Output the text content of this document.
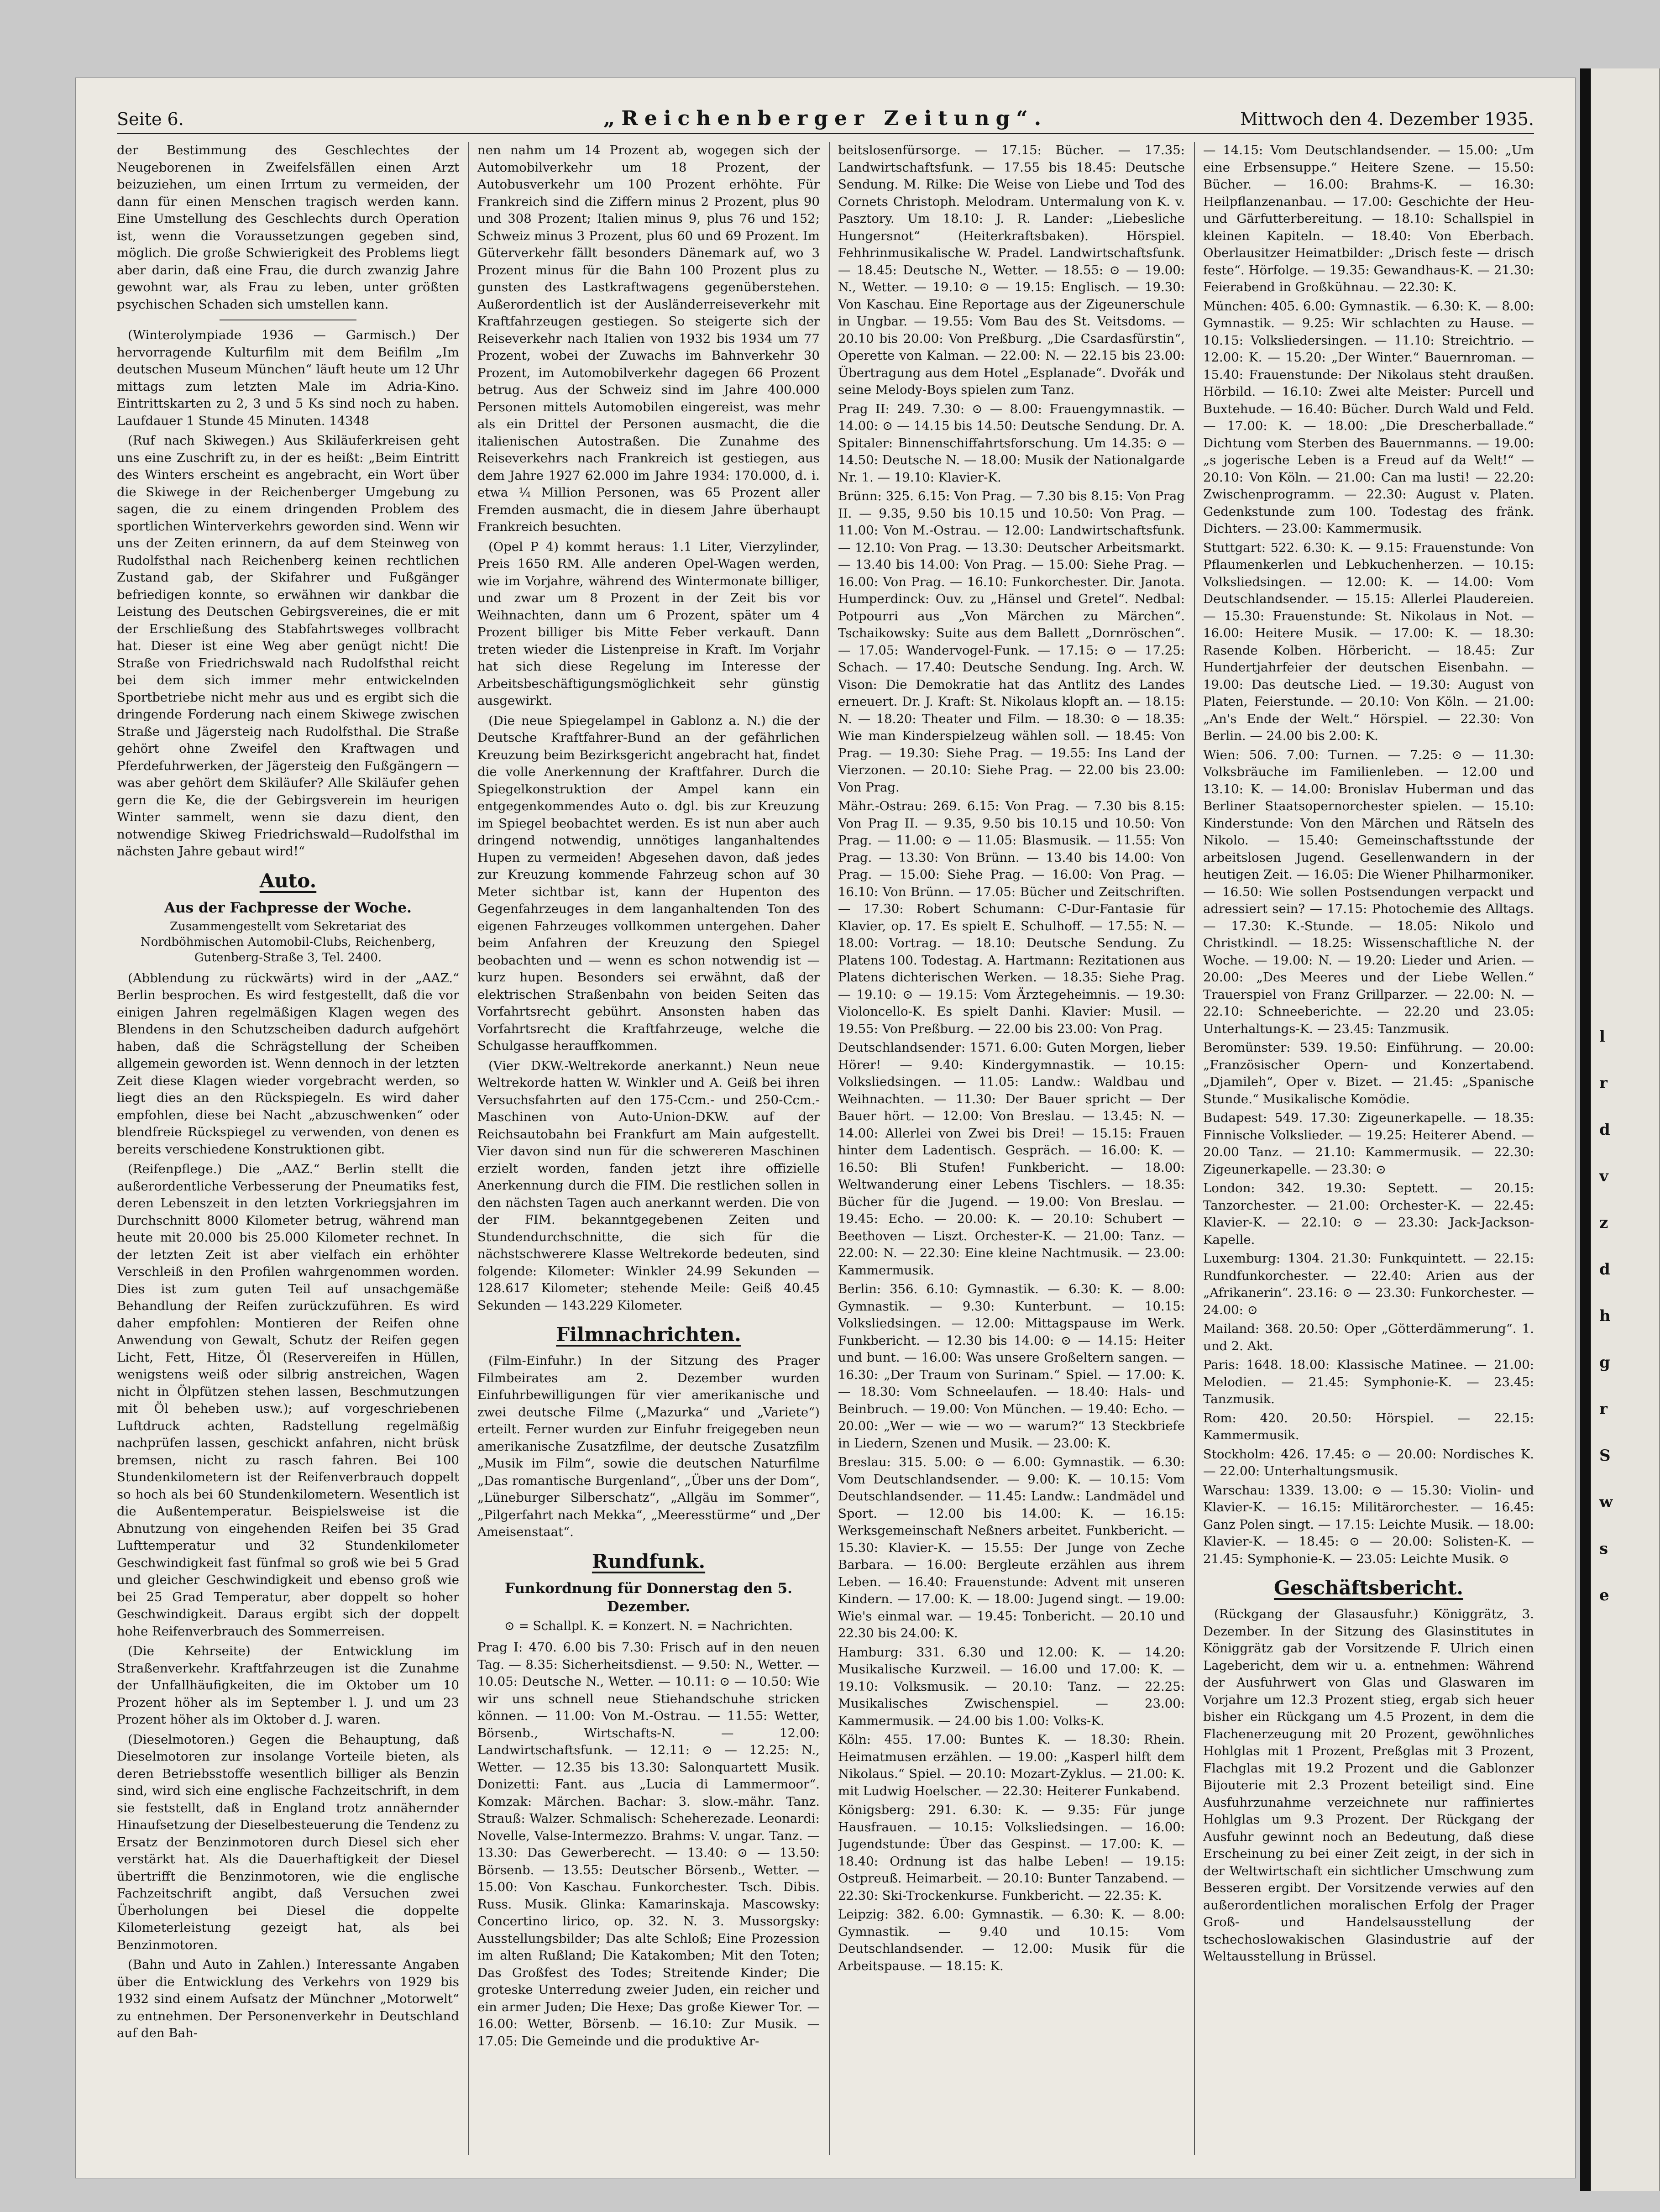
l
r
d
v
z
d
h
g
r
S
w
s
e
Seite 6.	„Reichenberger Zeitung“.	Mittwoch den 4. Dezember 1935.

der Bestimmung des Geschlechtes der Neugeborenen in Zweifelsfällen einen Arzt beizuziehen, um einen Irrtum zu vermeiden, der dann für einen Menschen tragisch werden kann. Eine Umstellung des Geschlechts durch Operation ist, wenn die Voraussetzungen gegeben sind, möglich. Die große Schwierigkeit des Problems liegt aber darin, daß eine Frau, die durch zwanzig Jahre gewohnt war, als Frau zu leben, unter größten psychischen Schaden sich umstellen kann.

(Winterolympiade 1936 — Garmisch.) Der hervorragende Kulturfilm mit dem Beifilm „Im deutschen Museum München“ läuft heute um 12 Uhr mittags zum letzten Male im Adria-Kino. Eintrittskarten zu 2, 3 und 5 Ks sind noch zu haben. Laufdauer 1 Stunde 45 Minuten. 14348

(Ruf nach Skiwegen.) Aus Skiläuferkreisen geht uns eine Zuschrift zu, in der es heißt: „Beim Eintritt des Winters erscheint es angebracht, ein Wort über die Skiwege in der Reichenberger Umgebung zu sagen, die zu einem dringenden Problem des sportlichen Winterverkehrs geworden sind. Wenn wir uns der Zeiten erinnern, da auf dem Steinweg von Rudolfsthal nach Reichenberg keinen rechtlichen Zustand gab, der Skifahrer und Fußgänger befriedigen konnte, so erwähnen wir dankbar die Leistung des Deutschen Gebirgsvereines, die er mit der Erschließung des Stabfahrtsweges vollbracht hat. Dieser ist eine Weg aber genügt nicht! Die Straße von Friedrichswald nach Rudolfsthal reicht bei dem sich immer mehr entwickelnden Sportbetriebe nicht mehr aus und es ergibt sich die dringende Forderung nach einem Skiwege zwischen Straße und Jägersteig nach Rudolfsthal. Die Straße gehört ohne Zweifel den Kraftwagen und Pferdefuhrwerken, der Jägersteig den Fußgängern — was aber gehört dem Skiläufer? Alle Skiläufer gehen gern die Ke, die der Gebirgsverein im heurigen Winter sammelt, wenn sie dazu dient, den notwendige Skiweg Friedrichswald—Rudolfsthal im nächsten Jahre gebaut wird!“

Auto.
Aus der Fachpresse der Woche.
Zusammengestellt vom Sekretariat des Nordböhmischen Automobil-Clubs, Reichenberg, Gutenberg-Straße 3, Tel. 2400.

(Abblendung zu rückwärts) wird in der „AAZ.“ Berlin besprochen. Es wird festgestellt, daß die vor einigen Jahren regelmäßigen Klagen wegen des Blendens in den Schutzscheiben dadurch aufgehört haben, daß die Schrägstellung der Scheiben allgemein geworden ist. Wenn dennoch in der letzten Zeit diese Klagen wieder vorgebracht werden, so liegt dies an den Rückspiegeln. Es wird daher empfohlen, diese bei Nacht „abzuschwenken“ oder blendfreie Rückspiegel zu verwenden, von denen es bereits verschiedene Konstruktionen gibt.

(Reifenpflege.) Die „AAZ.“ Berlin stellt die außerordentliche Verbesserung der Pneumatiks fest, deren Lebenszeit in den letzten Vorkriegsjahren im Durchschnitt 8000 Kilometer betrug, während man heute mit 20.000 bis 25.000 Kilometer rechnet. In der letzten Zeit ist aber vielfach ein erhöhter Verschleiß in den Profilen wahrgenommen worden. Dies ist zum guten Teil auf unsachgemäße Behandlung der Reifen zurückzuführen. Es wird daher empfohlen: Montieren der Reifen ohne Anwendung von Gewalt, Schutz der Reifen gegen Licht, Fett, Hitze, Öl (Reservereifen in Hüllen, wenigstens weiß oder silbrig anstreichen, Wagen nicht in Ölpfützen stehen lassen, Beschmutzungen mit Öl beheben usw.); auf vorgeschriebenen Luftdruck achten, Radstellung regelmäßig nachprüfen lassen, geschickt anfahren, nicht brüsk bremsen, nicht zu rasch fahren. Bei 100 Stundenkilometern ist der Reifenverbrauch doppelt so hoch als bei 60 Stundenkilometern. Wesentlich ist die Außentemperatur. Beispielsweise ist die Abnutzung von eingehenden Reifen bei 35 Grad Lufttemperatur und 32 Stundenkilometer Geschwindigkeit fast fünfmal so groß wie bei 5 Grad und gleicher Geschwindigkeit und ebenso groß wie bei 25 Grad Temperatur, aber doppelt so hoher Geschwindigkeit. Daraus ergibt sich der doppelt hohe Reifenverbrauch des Sommerreisen.

(Die Kehrseite) der Entwicklung im Straßenverkehr. Kraftfahrzeugen ist die Zunahme der Unfallhäufigkeiten, die im Oktober um 10 Prozent höher als im September l. J. und um 23 Prozent höher als im Oktober d. J. waren.

(Dieselmotoren.) Gegen die Behauptung, daß Dieselmotoren zur insolange Vorteile bieten, als deren Betriebsstoffe wesentlich billiger als Benzin sind, wird sich eine englische Fachzeitschrift, in dem sie feststellt, daß in England trotz annähernder Hinaufsetzung der Dieselbesteuerung die Tendenz zu Ersatz der Benzinmotoren durch Diesel sich eher verstärkt hat. Als die Dauerhaftigkeit der Diesel übertrifft die Benzinmotoren, wie die englische Fachzeitschrift angibt, daß Versuchen zwei Überholungen bei Diesel die doppelte Kilometerleistung gezeigt hat, als bei Benzinmotoren.

(Bahn und Auto in Zahlen.) Interessante Angaben über die Entwicklung des Verkehrs von 1929 bis 1932 sind einem Aufsatz der Münchner „Motorwelt“ zu entnehmen. Der Personenverkehr in Deutschland auf den Bah-

nen nahm um 14 Prozent ab, wogegen sich der Automobilverkehr um 18 Prozent, der Autobusverkehr um 100 Prozent erhöhte. Für Frankreich sind die Ziffern minus 2 Prozent, plus 90 und 308 Prozent; Italien minus 9, plus 76 und 152; Schweiz minus 3 Prozent, plus 60 und 69 Prozent. Im Güterverkehr fällt besonders Dänemark auf, wo 3 Prozent minus für die Bahn 100 Prozent plus zu gunsten des Lastkraftwagens gegenüberstehen. Außerordentlich ist der Ausländerreiseverkehr mit Kraftfahrzeugen gestiegen. So steigerte sich der Reiseverkehr nach Italien von 1932 bis 1934 um 77 Prozent, wobei der Zuwachs im Bahnverkehr 30 Prozent, im Automobilverkehr dagegen 66 Prozent betrug. Aus der Schweiz sind im Jahre 400.000 Personen mittels Automobilen eingereist, was mehr als ein Drittel der Personen ausmacht, die die italienischen Autostraßen. Die Zunahme des Reiseverkehrs nach Frankreich ist gestiegen, aus dem Jahre 1927 62.000 im Jahre 1934: 170.000, d. i. etwa ¼ Million Personen, was 65 Prozent aller Fremden ausmacht, die in diesem Jahre überhaupt Frankreich besuchten.

(Opel P 4) kommt heraus: 1.1 Liter, Vierzylinder, Preis 1650 RM. Alle anderen Opel-Wagen werden, wie im Vorjahre, während des Wintermonate billiger, und zwar um 8 Prozent in der Zeit bis vor Weihnachten, dann um 6 Prozent, später um 4 Prozent billiger bis Mitte Feber verkauft. Dann treten wieder die Listenpreise in Kraft. Im Vorjahr hat sich diese Regelung im Interesse der Arbeitsbeschäftigungsmöglichkeit sehr günstig ausgewirkt.

(Die neue Spiegelampel in Gablonz a. N.) die der Deutsche Kraftfahrer-Bund an der gefährlichen Kreuzung beim Bezirksgericht angebracht hat, findet die volle Anerkennung der Kraftfahrer. Durch die Spiegelkonstruktion der Ampel kann ein entgegenkommendes Auto o. dgl. bis zur Kreuzung im Spiegel beobachtet werden. Es ist nun aber auch dringend notwendig, unnötiges langanhaltendes Hupen zu vermeiden! Abgesehen davon, daß jedes zur Kreuzung kommende Fahrzeug schon auf 30 Meter sichtbar ist, kann der Hupenton des Gegenfahrzeuges in dem langanhaltenden Ton des eigenen Fahrzeuges vollkommen untergehen. Daher beim Anfahren der Kreuzung den Spiegel beobachten und — wenn es schon notwendig ist — kurz hupen. Besonders sei erwähnt, daß der elektrischen Straßenbahn von beiden Seiten das Vorfahrtsrecht gebührt. Ansonsten haben das Vorfahrtsrecht die Kraftfahrzeuge, welche die Schulgasse herauffkommen.

(Vier DKW.-Weltrekorde anerkannt.) Neun neue Weltrekorde hatten W. Winkler und A. Geiß bei ihren Versuchsfahrten auf den 175-Ccm.- und 250-Ccm.-Maschinen von Auto-Union-DKW. auf der Reichsautobahn bei Frankfurt am Main aufgestellt. Vier davon sind nun für die schwereren Maschinen erzielt worden, fanden jetzt ihre offizielle Anerkennung durch die FIM. Die restlichen sollen in den nächsten Tagen auch anerkannt werden. Die von der FIM. bekanntgegebenen Zeiten und Stundendurchschnitte, die sich für die nächstschwerere Klasse Weltrekorde bedeuten, sind folgende: Kilometer: Winkler 24.99 Sekunden — 128.617 Kilometer; stehende Meile: Geiß 40.45 Sekunden — 143.229 Kilometer.

Filmnachrichten.

(Film-Einfuhr.) In der Sitzung des Prager Filmbeirates am 2. Dezember wurden Einfuhrbewilligungen für vier amerikanische und zwei deutsche Filme („Mazurka“ und „Variete“) erteilt. Ferner wurden zur Einfuhr freigegeben neun amerikanische Zusatzfilme, der deutsche Zusatzfilm „Musik im Film“, sowie die deutschen Naturfilme „Das romantische Burgenland“, „Über uns der Dom“, „Lüneburger Silberschatz“, „Allgäu im Sommer“, „Pilgerfahrt nach Mekka“, „Meeresstürme“ und „Der Ameisenstaat“.

Rundfunk.
Funkordnung für Donnerstag den 5. Dezember.
⊙ = Schallpl. K. = Konzert. N. = Nachrichten.

Prag I: 470. 6.00 bis 7.30: Frisch auf in den neuen Tag. — 8.35: Sicherheitsdienst. — 9.50: N., Wetter. — 10.05: Deutsche N., Wetter. — 10.11: ⊙ — 10.50: Wie wir uns schnell neue Stiehandschuhe stricken können. — 11.00: Von M.-Ostrau. — 11.55: Wetter, Börsenb., Wirtschafts-N. — 12.00: Landwirtschaftsfunk. — 12.11: ⊙ — 12.25: N., Wetter. — 12.35 bis 13.30: Salonquartett Musik. Donizetti: Fant. aus „Lucia di Lammermoor“. Komzak: Märchen. Bachar: 3. slow.-mähr. Tanz. Strauß: Walzer. Schmalisch: Scheherezade. Leonardi: Novelle, Valse-Intermezzo. Brahms: V. ungar. Tanz. — 13.30: Das Gewerberecht. — 13.40: ⊙ — 13.50: Börsenb. — 13.55: Deutscher Börsenb., Wetter. — 15.00: Von Kaschau. Funkorchester. Tsch. Dibis. Russ. Musik. Glinka: Kamarinskaja. Mascowsky: Concertino lirico, op. 32. N. 3. Mussorgsky: Ausstellungsbilder; Das alte Schloß; Eine Prozession im alten Rußland; Die Katakomben; Mit den Toten; Das Großfest des Todes; Streitende Kinder; Die groteske Unterredung zweier Juden, ein reicher und ein armer Juden; Die Hexe; Das große Kiewer Tor. — 16.00: Wetter, Börsenb. — 16.10: Zur Musik. — 17.05: Die Gemeinde und die produktive Ar-

beitslosenfürsorge. — 17.15: Bücher. — 17.35: Landwirtschaftsfunk. — 17.55 bis 18.45: Deutsche Sendung. M. Rilke: Die Weise von Liebe und Tod des Cornets Christoph. Melodram. Untermalung von K. v. Pasztory. Um 18.10: J. R. Lander: „Liebesliche Hungersnot“ (Heiterkraftsbaken). Hörspiel. Fehhrinmusikalische W. Pradel. Landwirtschaftsfunk. — 18.45: Deutsche N., Wetter. — 18.55: ⊙ — 19.00: N., Wetter. — 19.10: ⊙ — 19.15: Englisch. — 19.30: Von Kaschau. Eine Reportage aus der Zigeunerschule in Ungbar. — 19.55: Vom Bau des St. Veitsdoms. — 20.10 bis 20.00: Von Preßburg. „Die Csardasfürstin“, Operette von Kalman. — 22.00: N. — 22.15 bis 23.00: Übertragung aus dem Hotel „Esplanade“. Dvořák und seine Melody-Boys spielen zum Tanz.

Prag II: 249. 7.30: ⊙ — 8.00: Frauengymnastik. — 14.00: ⊙ — 14.15 bis 14.50: Deutsche Sendung. Dr. A. Spitaler: Binnenschiffahrtsforschung. Um 14.35: ⊙ — 14.50: Deutsche N. — 18.00: Musik der Nationalgarde Nr. 1. — 19.10: Klavier-K.

Brünn: 325. 6.15: Von Prag. — 7.30 bis 8.15: Von Prag II. — 9.35, 9.50 bis 10.15 und 10.50: Von Prag. — 11.00: Von M.-Ostrau. — 12.00: Landwirtschaftsfunk. — 12.10: Von Prag. — 13.30: Deutscher Arbeitsmarkt. — 13.40 bis 14.00: Von Prag. — 15.00: Siehe Prag. — 16.00: Von Prag. — 16.10: Funkorchester. Dir. Janota. Humperdinck: Ouv. zu „Hänsel und Gretel“. Nedbal: Potpourri aus „Von Märchen zu Märchen“. Tschaikowsky: Suite aus dem Ballett „Dornröschen“. — 17.05: Wandervogel-Funk. — 17.15: ⊙ — 17.25: Schach. — 17.40: Deutsche Sendung. Ing. Arch. W. Vison: Die Demokratie hat das Antlitz des Landes erneuert. Dr. J. Kraft: St. Nikolaus klopft an. — 18.15: N. — 18.20: Theater und Film. — 18.30: ⊙ — 18.35: Wie man Kinderspielzeug wählen soll. — 18.45: Von Prag. — 19.30: Siehe Prag. — 19.55: Ins Land der Vierzonen. — 20.10: Siehe Prag. — 22.00 bis 23.00: Von Prag.

Mähr.-Ostrau: 269. 6.15: Von Prag. — 7.30 bis 8.15: Von Prag II. — 9.35, 9.50 bis 10.15 und 10.50: Von Prag. — 11.00: ⊙ — 11.05: Blasmusik. — 11.55: Von Prag. — 13.30: Von Brünn. — 13.40 bis 14.00: Von Prag. — 15.00: Siehe Prag. — 16.00: Von Prag. — 16.10: Von Brünn. — 17.05: Bücher und Zeitschriften. — 17.30: Robert Schumann: C-Dur-Fantasie für Klavier, op. 17. Es spielt E. Schulhoff. — 17.55: N. — 18.00: Vortrag. — 18.10: Deutsche Sendung. Zu Platens 100. Todestag. A. Hartmann: Rezitationen aus Platens dichterischen Werken. — 18.35: Siehe Prag. — 19.10: ⊙ — 19.15: Vom Ärztegeheimnis. — 19.30: Violoncello-K. Es spielt Danhi. Klavier: Musil. — 19.55: Von Preßburg. — 22.00 bis 23.00: Von Prag.

Deutschlandsender: 1571. 6.00: Guten Morgen, lieber Hörer! — 9.40: Kindergymnastik. — 10.15: Volksliedsingen. — 11.05: Landw.: Waldbau und Weihnachten. — 11.30: Der Bauer spricht — Der Bauer hört. — 12.00: Von Breslau. — 13.45: N. — 14.00: Allerlei von Zwei bis Drei! — 15.15: Frauen hinter dem Ladentisch. Gespräch. — 16.00: K. — 16.50: Bli Stufen! Funkbericht. — 18.00: Weltwanderung einer Lebens Tischlers. — 18.35: Bücher für die Jugend. — 19.00: Von Breslau. — 19.45: Echo. — 20.00: K. — 20.10: Schubert — Beethoven — Liszt. Orchester-K. — 21.00: Tanz. — 22.00: N. — 22.30: Eine kleine Nachtmusik. — 23.00: Kammermusik.

Berlin: 356. 6.10: Gymnastik. — 6.30: K. — 8.00: Gymnastik. — 9.30: Kunterbunt. — 10.15: Volksliedsingen. — 12.00: Mittagspause im Werk. Funkbericht. — 12.30 bis 14.00: ⊙ — 14.15: Heiter und bunt. — 16.00: Was unsere Großeltern sangen. — 16.30: „Der Traum von Surinam.“ Spiel. — 17.00: K. — 18.30: Vom Schneelaufen. — 18.40: Hals- und Beinbruch. — 19.00: Von München. — 19.40: Echo. — 20.00: „Wer — wie — wo — warum?“ 13 Steckbriefe in Liedern, Szenen und Musik. — 23.00: K.

Breslau: 315. 5.00: ⊙ — 6.00: Gymnastik. — 6.30: Vom Deutschlandsender. — 9.00: K. — 10.15: Vom Deutschlandsender. — 11.45: Landw.: Landmädel und Sport. — 12.00 bis 14.00: K. — 16.15: Werksgemeinschaft Neßners arbeitet. Funkbericht. — 15.30: Klavier-K. — 15.55: Der Junge von Zeche Barbara. — 16.00: Bergleute erzählen aus ihrem Leben. — 16.40: Frauenstunde: Advent mit unseren Kindern. — 17.00: K. — 18.00: Jugend singt. — 19.00: Wie's einmal war. — 19.45: Tonbericht. — 20.10 und 22.30 bis 24.00: K.

Hamburg: 331. 6.30 und 12.00: K. — 14.20: Musikalische Kurzweil. — 16.00 und 17.00: K. — 19.10: Volksmusik. — 20.10: Tanz. — 22.25: Musikalisches Zwischenspiel. — 23.00: Kammermusik. — 24.00 bis 1.00: Volks-K.

Köln: 455. 17.00: Buntes K. — 18.30: Rhein. Heimatmusen erzählen. — 19.00: „Kasperl hilft dem Nikolaus.“ Spiel. — 20.10: Mozart-Zyklus. — 21.00: K. mit Ludwig Hoelscher. — 22.30: Heiterer Funkabend.

Königsberg: 291. 6.30: K. — 9.35: Für junge Hausfrauen. — 10.15: Volksliedsingen. — 16.00: Jugendstunde: Über das Gespinst. — 17.00: K. — 18.40: Ordnung ist das halbe Leben! — 19.15: Ostpreuß. Heimarbeit. — 20.10: Bunter Tanzabend. — 22.30: Ski-Trockenkurse. Funkbericht. — 22.35: K.

Leipzig: 382. 6.00: Gymnastik. — 6.30: K. — 8.00: Gymnastik. — 9.40 und 10.15: Vom Deutschlandsender. — 12.00: Musik für die Arbeitspause. — 18.15: K.

— 14.15: Vom Deutschlandsender. — 15.00: „Um eine Erbsensuppe.“ Heitere Szene. — 15.50: Bücher. — 16.00: Brahms-K. — 16.30: Heilpflanzenanbau. — 17.00: Geschichte der Heu- und Gärfutterbereitung. — 18.10: Schallspiel in kleinen Kapiteln. — 18.40: Von Eberbach. Oberlausitzer Heimatbilder: „Drisch feste — drisch feste“. Hörfolge. — 19.35: Gewandhaus-K. — 21.30: Feierabend in Großkühnau. — 22.30: K.

München: 405. 6.00: Gymnastik. — 6.30: K. — 8.00: Gymnastik. — 9.25: Wir schlachten zu Hause. — 10.15: Volksliedersingen. — 11.10: Streichtrio. — 12.00: K. — 15.20: „Der Winter.“ Bauernroman. — 15.40: Frauenstunde: Der Nikolaus steht draußen. Hörbild. — 16.10: Zwei alte Meister: Purcell und Buxtehude. — 16.40: Bücher. Durch Wald und Feld. — 17.00: K. — 18.00: „Die Drescherballade.“ Dichtung vom Sterben des Bauernmanns. — 19.00: „s jogerische Leben is a Freud auf da Welt!“ — 20.10: Von Köln. — 21.00: Can ma lusti! — 22.20: Zwischenprogramm. — 22.30: August v. Platen. Gedenkstunde zum 100. Todestag des fränk. Dichters. — 23.00: Kammermusik.

Stuttgart: 522. 6.30: K. — 9.15: Frauenstunde: Von Pflaumenkerlen und Lebkuchenherzen. — 10.15: Volksliedsingen. — 12.00: K. — 14.00: Vom Deutschlandsender. — 15.15: Allerlei Plaudereien. — 15.30: Frauenstunde: St. Nikolaus in Not. — 16.00: Heitere Musik. — 17.00: K. — 18.30: Rasende Kolben. Hörbericht. — 18.45: Zur Hundertjahrfeier der deutschen Eisenbahn. — 19.00: Das deutsche Lied. — 19.30: August von Platen, Feierstunde. — 20.10: Von Köln. — 21.00: „An's Ende der Welt.“ Hörspiel. — 22.30: Von Berlin. — 24.00 bis 2.00: K.

Wien: 506. 7.00: Turnen. — 7.25: ⊙ — 11.30: Volksbräuche im Familienleben. — 12.00 und 13.10: K. — 14.00: Bronislav Huberman und das Berliner Staatsopernorchester spielen. — 15.10: Kinderstunde: Von den Märchen und Rätseln des Nikolo. — 15.40: Gemeinschaftsstunde der arbeitslosen Jugend. Gesellenwandern in der heutigen Zeit. — 16.05: Die Wiener Philharmoniker. — 16.50: Wie sollen Postsendungen verpackt und adressiert sein? — 17.15: Photochemie des Alltags. — 17.30: K.-Stunde. — 18.05: Nikolo und Christkindl. — 18.25: Wissenschaftliche N. der Woche. — 19.00: N. — 19.20: Lieder und Arien. — 20.00: „Des Meeres und der Liebe Wellen.“ Trauerspiel von Franz Grillparzer. — 22.00: N. — 22.10: Schneeberichte. — 22.20 und 23.05: Unterhaltungs-K. — 23.45: Tanzmusik.

Beromünster: 539. 19.50: Einführung. — 20.00: „Französischer Opern- und Konzertabend. „Djamileh“, Oper v. Bizet. — 21.45: „Spanische Stunde.“ Musikalische Komödie.

Budapest: 549. 17.30: Zigeunerkapelle. — 18.35: Finnische Volkslieder. — 19.25: Heiterer Abend. — 20.00 Tanz. — 21.10: Kammermusik. — 22.30: Zigeunerkapelle. — 23.30: ⊙

London: 342. 19.30: Septett. — 20.15: Tanzorchester. — 21.00: Orchester-K. — 22.45: Klavier-K. — 22.10: ⊙ — 23.30: Jack-Jackson-Kapelle.

Luxemburg: 1304. 21.30: Funkquintett. — 22.15: Rundfunkorchester. — 22.40: Arien aus der „Afrikanerin“. 23.16: ⊙ — 23.30: Funkorchester. — 24.00: ⊙

Mailand: 368. 20.50: Oper „Götterdämmerung“. 1. und 2. Akt.

Paris: 1648. 18.00: Klassische Matinee. — 21.00: Melodien. — 21.45: Symphonie-K. — 23.45: Tanzmusik.

Rom: 420. 20.50: Hörspiel. — 22.15: Kammermusik.

Stockholm: 426. 17.45: ⊙ — 20.00: Nordisches K. — 22.00: Unterhaltungsmusik.

Warschau: 1339. 13.00: ⊙ — 15.30: Violin- und Klavier-K. — 16.15: Militärorchester. — 16.45: Ganz Polen singt. — 17.15: Leichte Musik. — 18.00: Klavier-K. — 18.45: ⊙ — 20.00: Solisten-K. — 21.45: Symphonie-K. — 23.05: Leichte Musik. ⊙

Geschäftsbericht.

(Rückgang der Glasausfuhr.) Königgrätz, 3. Dezember. In der Sitzung des Glasinstitutes in Königgrätz gab der Vorsitzende F. Ulrich einen Lagebericht, dem wir u. a. entnehmen: Während der Ausfuhrwert von Glas und Glaswaren im Vorjahre um 12.3 Prozent stieg, ergab sich heuer bisher ein Rückgang um 4.5 Prozent, in dem die Flachenerzeugung mit 20 Prozent, gewöhnliches Hohlglas mit 1 Prozent, Preßglas mit 3 Prozent, Flachglas mit 19.2 Prozent und die Gablonzer Bijouterie mit 2.3 Prozent beteiligt sind. Eine Ausfuhrzunahme verzeichnete nur raffiniertes Hohlglas um 9.3 Prozent. Der Rückgang der Ausfuhr gewinnt noch an Bedeutung, daß diese Erscheinung zu bei einer Zeit zeigt, in der sich in der Weltwirtschaft ein sichtlicher Umschwung zum Besseren ergibt. Der Vorsitzende verwies auf den außerordentlichen moralischen Erfolg der Prager Groß- und Handelsausstellung der tschechoslowakischen Glasindustrie auf der Weltausstellung in Brüssel.
